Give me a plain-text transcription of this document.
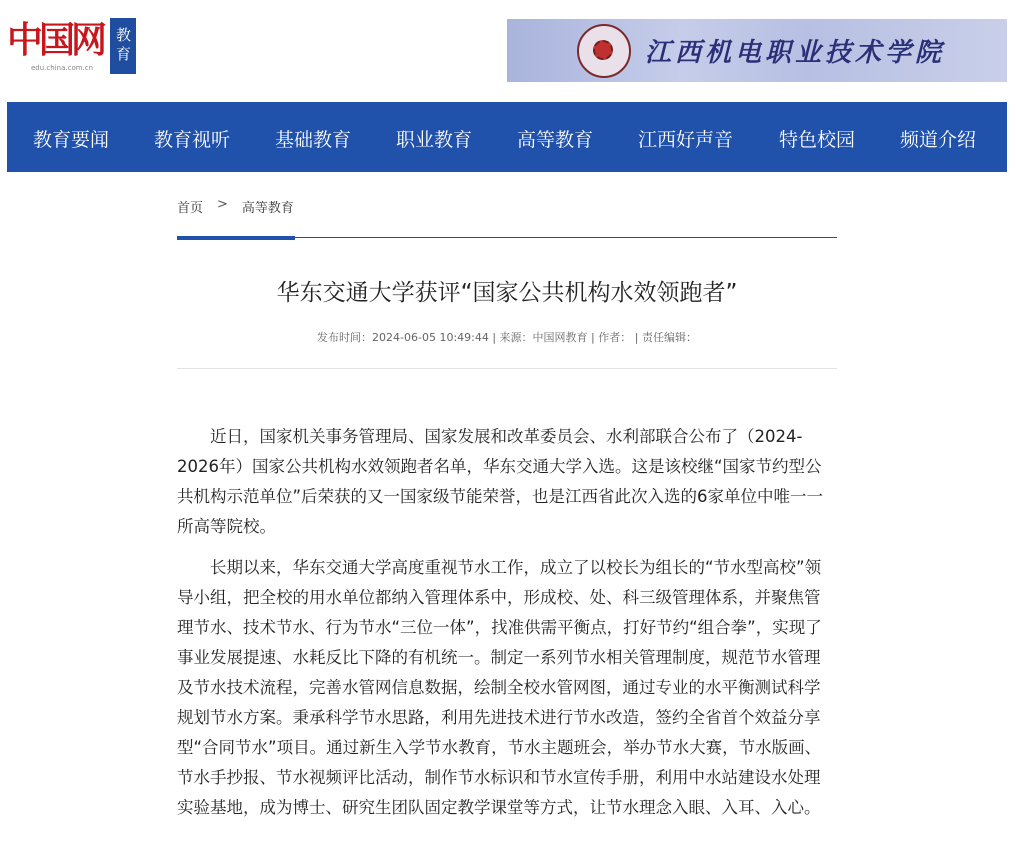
中国网
edu.china.com.cn
教育	江西机电职业技术学院
教育要闻 教育视听 基础教育 职业教育 高等教育 江西好声音 特色校园 频道介绍
首页 > 高等教育
华东交通大学获评“国家公共机构水效领跑者”
发布时间：2024-06-05 10:49:44 | 来源：中国网教育 | 作者： | 责任编辑：

近日，国家机关事务管理局、国家发展和改革委员会、水利部联合公布了（2024-2026年）国家公共机构水效领跑者名单，华东交通大学入选。这是该校继“国家节约型公共机构示范单位”后荣获的又一国家级节能荣誉，也是江西省此次入选的6家单位中唯一一所高等院校。

长期以来，华东交通大学高度重视节水工作，成立了以校长为组长的“节水型高校”领导小组，把全校的用水单位都纳入管理体系中，形成校、处、科三级管理体系，并聚焦管理节水、技术节水、行为节水“三位一体”，找准供需平衡点，打好节约“组合拳”，实现了事业发展提速、水耗反比下降的有机统一。制定一系列节水相关管理制度，规范节水管理及节水技术流程，完善水管网信息数据，绘制全校水管网图，通过专业的水平衡测试科学规划节水方案。秉承科学节水思路，利用先进技术进行节水改造，签约全省首个效益分享型“合同节水”项目。通过新生入学节水教育，节水主题班会，举办节水大赛，节水版画、节水手抄报、节水视频评比活动，制作节水标识和节水宣传手册，利用中水站建设水处理实验基地，成为博士、研究生团队固定教学课堂等方式，让节水理念入眼、入耳、入心。
